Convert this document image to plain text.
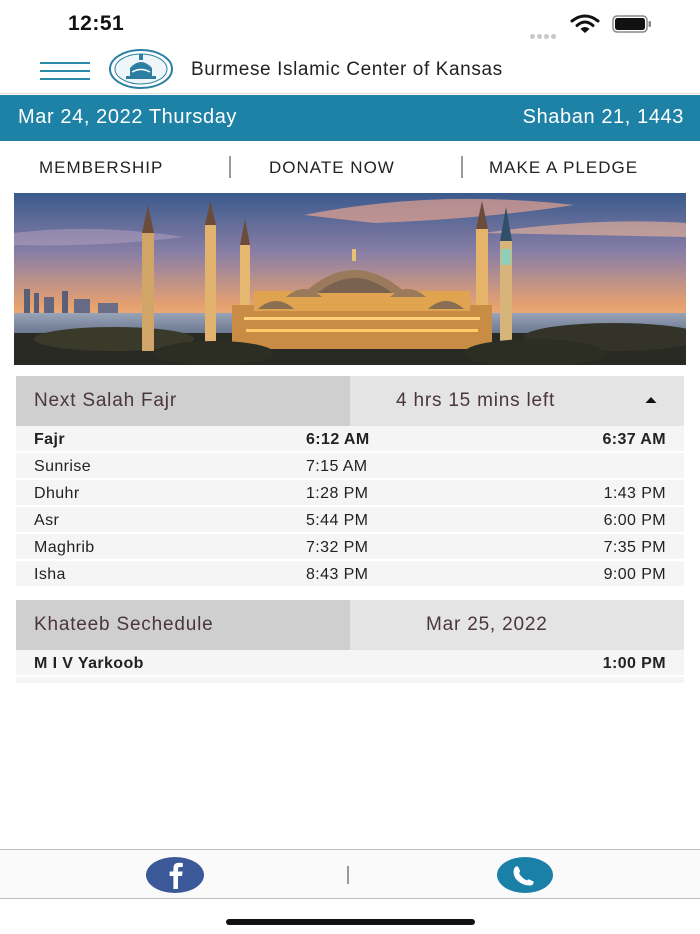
12:51
Burmese Islamic Center of Kansas
Mar 24, 2022 Thursday	Shaban 21, 1443
MEMBERSHIP	DONATE NOW	MAKE A PLEDGE
Next Salah Fajr	4 hrs 15 mins left
Fajr	6:12 AM	6:37 AM
Sunrise	7:15 AM
Dhuhr	1:28 PM	1:43 PM
Asr	5:44 PM	6:00 PM
Maghrib	7:32 PM	7:35 PM
Isha	8:43 PM	9:00 PM
Khateeb Sechedule	Mar 25, 2022
M I V Yarkoob	1:00 PM
